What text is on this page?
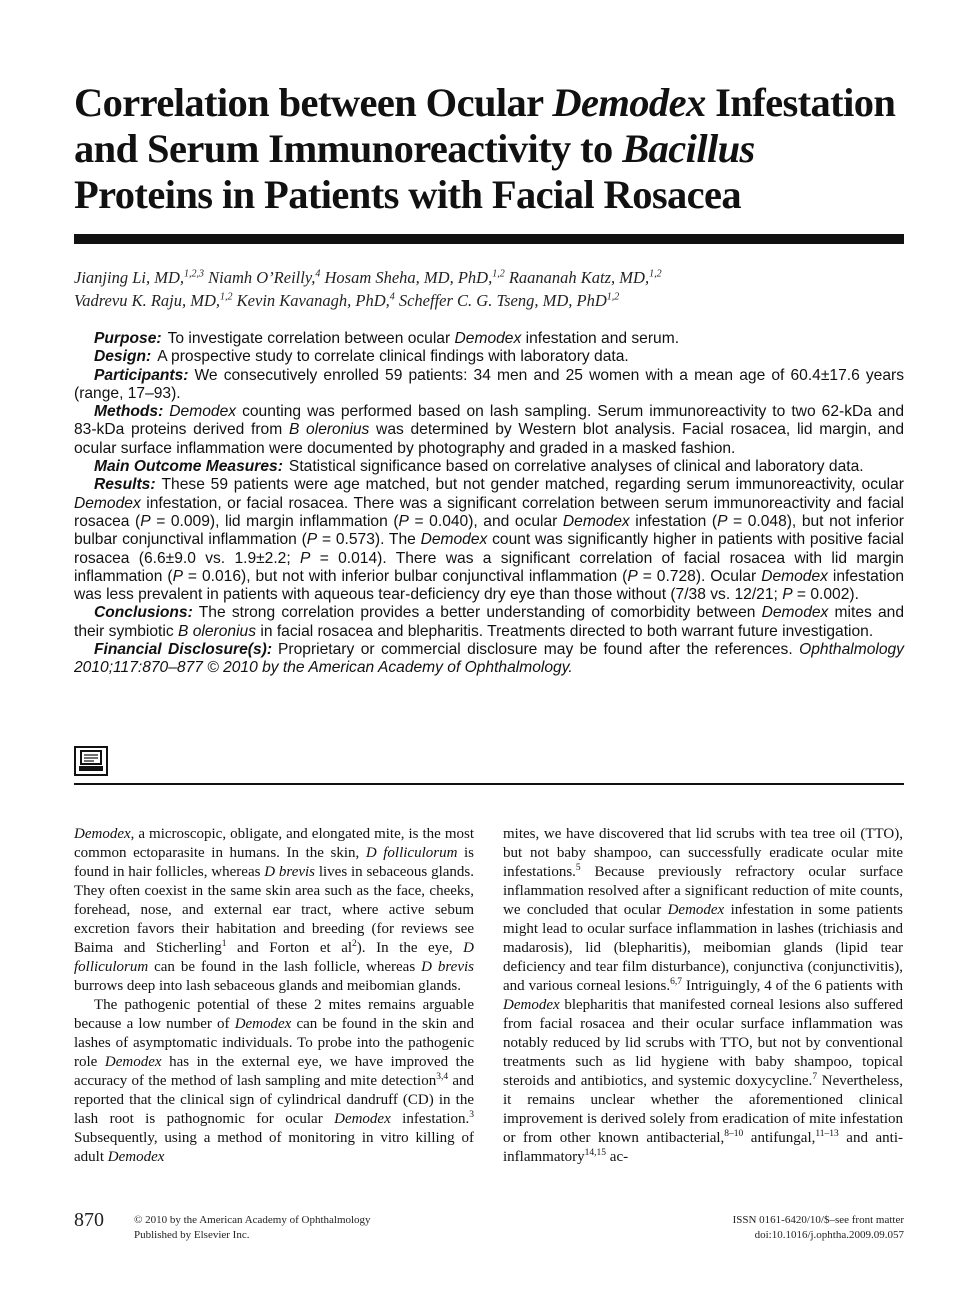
Correlation between Ocular Demodex Infestation
and Serum Immunoreactivity to Bacillus
Proteins in Patients with Facial Rosacea
Jianjing Li, MD,$^{1,2,3}$ Niamh O’Reilly,$^4$ Hosam Sheha, MD, PhD,$^{1,2}$ Raananah Katz, MD,$^{1,2}$
Vadrevu K. Raju, MD,$^{1,2}$ Kevin Kavanagh, PhD,$^4$ Scheffer C. G. Tseng, MD, PhD$^{1,2}$

Purpose: To investigate correlation between ocular Demodex infestation and serum.

Design: A prospective study to correlate clinical findings with laboratory data.

Participants: We consecutively enrolled 59 patients: 34 men and 25 women with a mean age of 60.4±17.6 years (range, 17–93).

Methods: Demodex counting was performed based on lash sampling. Serum immunoreactivity to two 62-kDa and 83-kDa proteins derived from B oleronius was determined by Western blot analysis. Facial rosacea, lid margin, and ocular surface inflammation were documented by photography and graded in a masked fashion.

Main Outcome Measures: Statistical significance based on correlative analyses of clinical and laboratory data.

Results: These 59 patients were age matched, but not gender matched, regarding serum immunoreactivity, ocular Demodex infestation, or facial rosacea. There was a significant correlation between serum immunoreactivity and facial rosacea (P = 0.009), lid margin inflammation (P = 0.040), and ocular Demodex infestation (P = 0.048), but not inferior bulbar conjunctival inflammation (P = 0.573). The Demodex count was significantly higher in patients with positive facial rosacea (6.6±9.0 vs. 1.9±2.2; P = 0.014). There was a significant correlation of facial rosacea with lid margin inflammation (P = 0.016), but not with inferior bulbar conjunctival inflammation (P = 0.728). Ocular Demodex infestation was less prevalent in patients with aqueous tear-deficiency dry eye than those without (7/38 vs. 12/21; P = 0.002).

Conclusions: The strong correlation provides a better understanding of comorbidity between Demodex mites and their symbiotic B oleronius in facial rosacea and blepharitis. Treatments directed to both warrant future investigation.

Financial Disclosure(s): Proprietary or commercial disclosure may be found after the references. Ophthalmology 2010;117:870–877 © 2010 by the American Academy of Ophthalmology.

Demodex, a microscopic, obligate, and elongated mite, is the most common ectoparasite in humans. In the skin, D folliculorum is found in hair follicles, whereas D brevis lives in sebaceous glands. They often coexist in the same skin area such as the face, cheeks, forehead, nose, and external ear tract, where active sebum excretion favors their habitation and breeding (for reviews see Baima and Sticherling$^1$ and Forton et $al^2$). In the eye, D folliculorum can be found in the lash follicle, whereas D brevis burrows deep into lash sebaceous glands and meibomian glands.

The pathogenic potential of these 2 mites remains arguable because a low number of Demodex can be found in the skin and lashes of asymptomatic individuals. To probe into the pathogenic role Demodex has in the external eye, we have improved the accuracy of the method of lash sampling and mite detection$^{3,4}$ and reported that the clinical sign of cylindrical dandruff (CD) in the lash root is pathognomic for ocular Demodex infestation.$^3$ Subsequently, using a method of monitoring in vitro killing of adult Demodex

mites, we have discovered that lid scrubs with tea tree oil (TTO), but not baby shampoo, can successfully eradicate ocular mite infestations.$^5$ Because previously refractory ocular surface inflammation resolved after a significant reduction of mite counts, we concluded that ocular Demodex infestation in some patients might lead to ocular surface inflammation in lashes (trichiasis and madarosis), lid (blepharitis), meibomian glands (lipid tear deficiency and tear film disturbance), conjunctiva (conjunctivitis), and various corneal lesions.$^{6,7}$ Intriguingly, 4 of the 6 patients with Demodex blepharitis that manifested corneal lesions also suffered from facial rosacea and their ocular surface inflammation was notably reduced by lid scrubs with TTO, but not by conventional treatments such as lid hygiene with baby shampoo, topical steroids and antibiotics, and systemic doxycycline.$^7$ Nevertheless, it remains unclear whether the aforementioned clinical improvement is derived solely from eradication of mite infestation or from other known antibacterial,$^{8-10}$ antifungal,$^{11-13}$ and anti-inflammatory$^{14,15}$ ac-

870	© 2010 by the American Academy of Ophthalmology
Published by Elsevier Inc.
ISSN 0161-6420/10/$–see front matter
doi:10.1016/j.ophtha.2009.09.057
